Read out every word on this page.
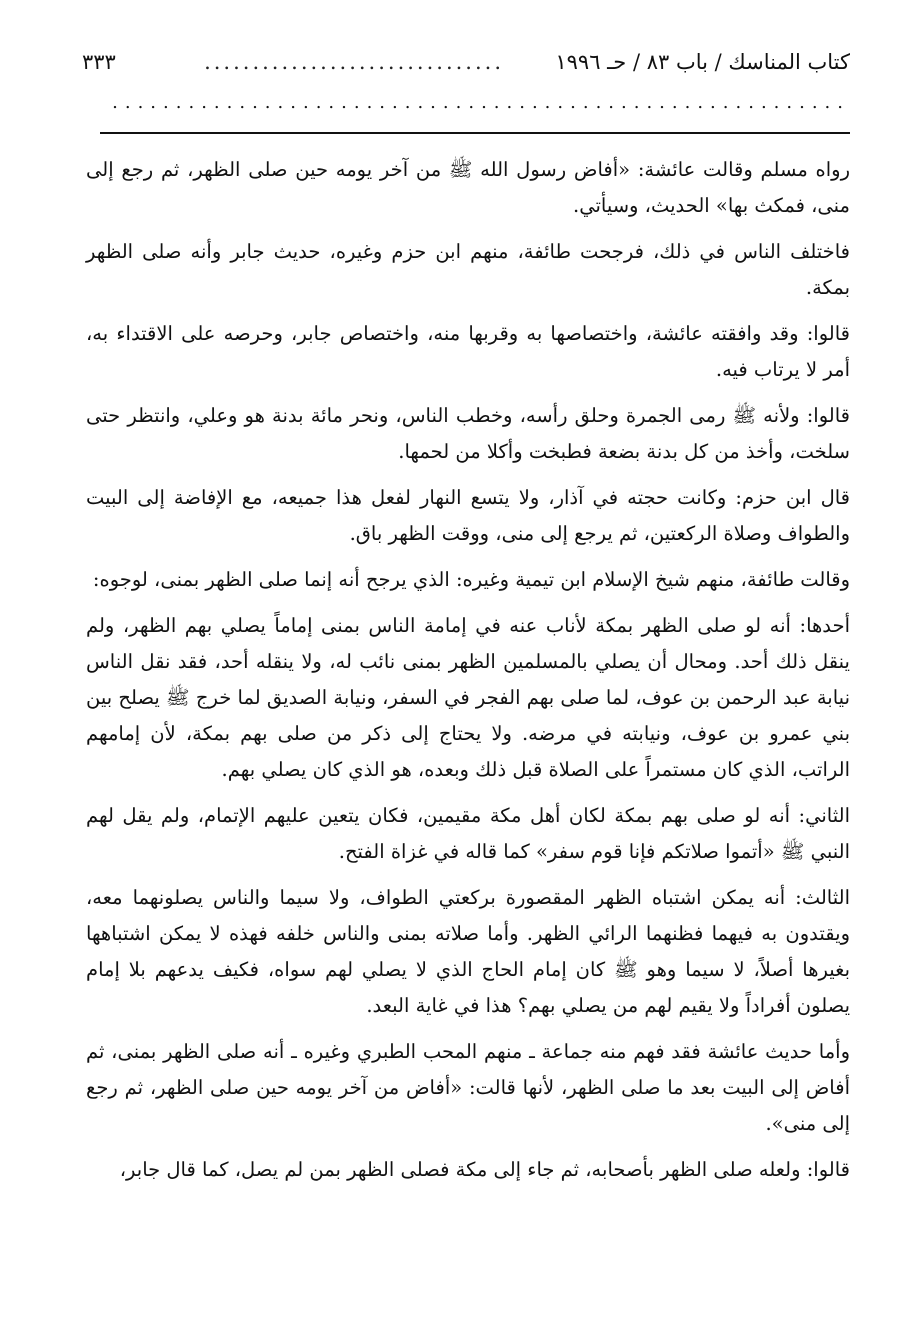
كتاب المناسك / باب ٨٣ / حـ ١٩٩٦
...............................
٣٣٣
..........................................................

رواه مسلم وقالت عائشة: «أفاض رسول الله ﷺ من آخر يومه حين صلى الظهر، ثم رجع إلى منى، فمكث بها» الحديث، وسيأتي.

فاختلف الناس في ذلك، فرجحت طائفة، منهم ابن حزم وغيره، حديث جابر وأنه صلى الظهر بمكة.

قالوا: وقد وافقته عائشة، واختصاصها به وقربها منه، واختصاص جابر، وحرصه على الاقتداء به، أمر لا يرتاب فيه.

قالوا: ولأنه ﷺ رمى الجمرة وحلق رأسه، وخطب الناس، ونحر مائة بدنة هو وعلي، وانتظر حتى سلخت، وأخذ من كل بدنة بضعة فطبخت وأكلا من لحمها.

قال ابن حزم: وكانت حجته في آذار، ولا يتسع النهار لفعل هذا جميعه، مع الإفاضة إلى البيت والطواف وصلاة الركعتين، ثم يرجع إلى منى، ووقت الظهر باق.

وقالت طائفة، منهم شيخ الإسلام ابن تيمية وغيره: الذي يرجح أنه إنما صلى الظهر بمنى، لوجوه:

أحدها: أنه لو صلى الظهر بمكة لأناب عنه في إمامة الناس بمنى إماماً يصلي بهم الظهر، ولم ينقل ذلك أحد. ومحال أن يصلي بالمسلمين الظهر بمنى نائب له، ولا ينقله أحد، فقد نقل الناس نيابة عبد الرحمن بن عوف، لما صلى بهم الفجر في السفر، ونيابة الصديق لما خرج ﷺ يصلح بين بني عمرو بن عوف، ونيابته في مرضه. ولا يحتاج إلى ذكر من صلى بهم بمكة، لأن إمامهم الراتب، الذي كان مستمراً على الصلاة قبل ذلك وبعده، هو الذي كان يصلي بهم.

الثاني: أنه لو صلى بهم بمكة لكان أهل مكة مقيمين، فكان يتعين عليهم الإتمام، ولم يقل لهم النبي ﷺ «أتموا صلاتكم فإنا قوم سفر» كما قاله في غزاة الفتح.

الثالث: أنه يمكن اشتباه الظهر المقصورة بركعتي الطواف، ولا سيما والناس يصلونهما معه، ويقتدون به فيهما فظنهما الرائي الظهر. وأما صلاته بمنى والناس خلفه فهذه لا يمكن اشتباهها بغيرها أصلاً، لا سيما وهو ﷺ كان إمام الحاج الذي لا يصلي لهم سواه، فكيف يدعهم بلا إمام يصلون أفراداً ولا يقيم لهم من يصلي بهم؟ هذا في غاية البعد.

وأما حديث عائشة فقد فهم منه جماعة ـ منهم المحب الطبري وغيره ـ أنه صلى الظهر بمنى، ثم أفاض إلى البيت بعد ما صلى الظهر، لأنها قالت: «أفاض من آخر يومه حين صلى الظهر، ثم رجع إلى منى».

قالوا: ولعله صلى الظهر بأصحابه، ثم جاء إلى مكة فصلى الظهر بمن لم يصل، كما قال جابر،
